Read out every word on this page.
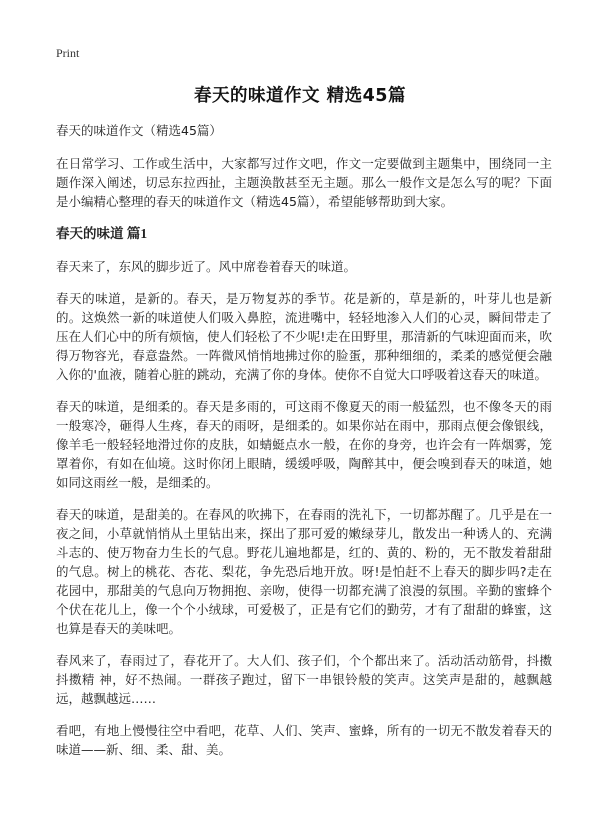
Print
春天的味道作文 精选45篇

春天的味道作文（精选45篇）

在日常学习、工作或生活中，大家都写过作文吧，作文一定要做到主题集中，围绕同一主题作深入阐述，切忌东拉西扯，主题涣散甚至无主题。那么一般作文是怎么写的呢？下面是小编精心整理的春天的味道作文（精选45篇），希望能够帮助到大家。

春天的味道 篇1

春天来了，东风的脚步近了。风中席卷着春天的味道。

春天的味道，是新的。春天，是万物复苏的季节。花是新的，草是新的，叶芽儿也是新的。这焕然一新的味道使人们吸入鼻腔，流进嘴中，轻轻地渗入人们的心灵，瞬间带走了压在人们心中的所有烦恼，使人们轻松了不少呢!走在田野里，那清新的气味迎面而来，吹得万物容光，春意盎然。一阵微风悄悄地拂过你的脸蛋，那种细细的，柔柔的感觉便会融入你的'血液，随着心脏的跳动，充满了你的身体。使你不自觉大口呼吸着这春天的味道。

春天的味道，是细柔的。春天是多雨的，可这雨不像夏天的雨一般猛烈，也不像冬天的雨一般寒冷，砸得人生疼，春天的雨呀，是细柔的。如果你站在雨中，那雨点便会像银线，像羊毛一般轻轻地滑过你的皮肤，如蜻蜓点水一般，在你的身旁，也许会有一阵烟雾，笼罩着你，有如在仙境。这时你闭上眼睛，缓缓呼吸，陶醉其中，便会嗅到春天的味道，她如同这雨丝一般，是细柔的。

春天的味道，是甜美的。在春风的吹拂下，在春雨的洗礼下，一切都苏醒了。几乎是在一夜之间，小草就悄悄从土里钻出来，探出了那可爱的嫩绿芽儿，散发出一种诱人的、充满斗志的、使万物奋力生长的气息。野花儿遍地都是，红的、黄的、粉的，无不散发着甜甜的气息。树上的桃花、杏花、梨花，争先恐后地开放。呀!是怕赶不上春天的脚步吗?走在花园中，那甜美的气息向万物拥抱、亲吻，使得一切都充满了浪漫的氛围。辛勤的蜜蜂个个伏在花儿上，像一个个小绒球，可爱极了，正是有它们的勤劳，才有了甜甜的蜂蜜，这也算是春天的美味吧。

春风来了，春雨过了，春花开了。大人们、孩子们，个个都出来了。活动活动筋骨，抖擞抖擞精 神，好不热闹。一群孩子跑过，留下一串银铃般的笑声。这笑声是甜的，越飘越远，越飘越远……

看吧，有地上慢慢往空中看吧，花草、人们、笑声、蜜蜂，所有的一切无不散发着春天的味道——新、细、柔、甜、美。
